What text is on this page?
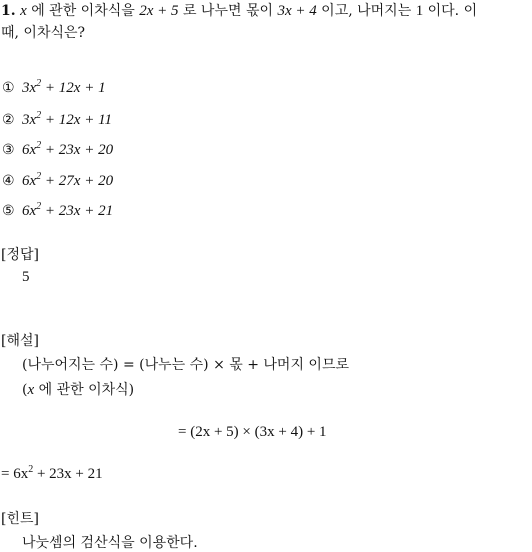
1. x 에 관한 이차식을 2x + 5 로 나누면 몫이 3x + 4 이고, 나머지는 1 이다. 이
때, 이차식은?
① $3x^2 + 12x + 1$
② $3x^2 + 12x + 11$
③ $6x^2 + 23x + 20$
④ $6x^2 + 27x + 20$
⑤ $6x^2 + 23x + 21$
[정답]
5
[해설]
(나누어지는 수) = (나누는 수) × 몫 + 나머지 이므로
(x 에 관한 이차식)
= (2x + 5) × (3x + 4) + 1
= $6x^2 + 23x + 21$
[힌트]
나눗셈의 검산식을 이용한다.
